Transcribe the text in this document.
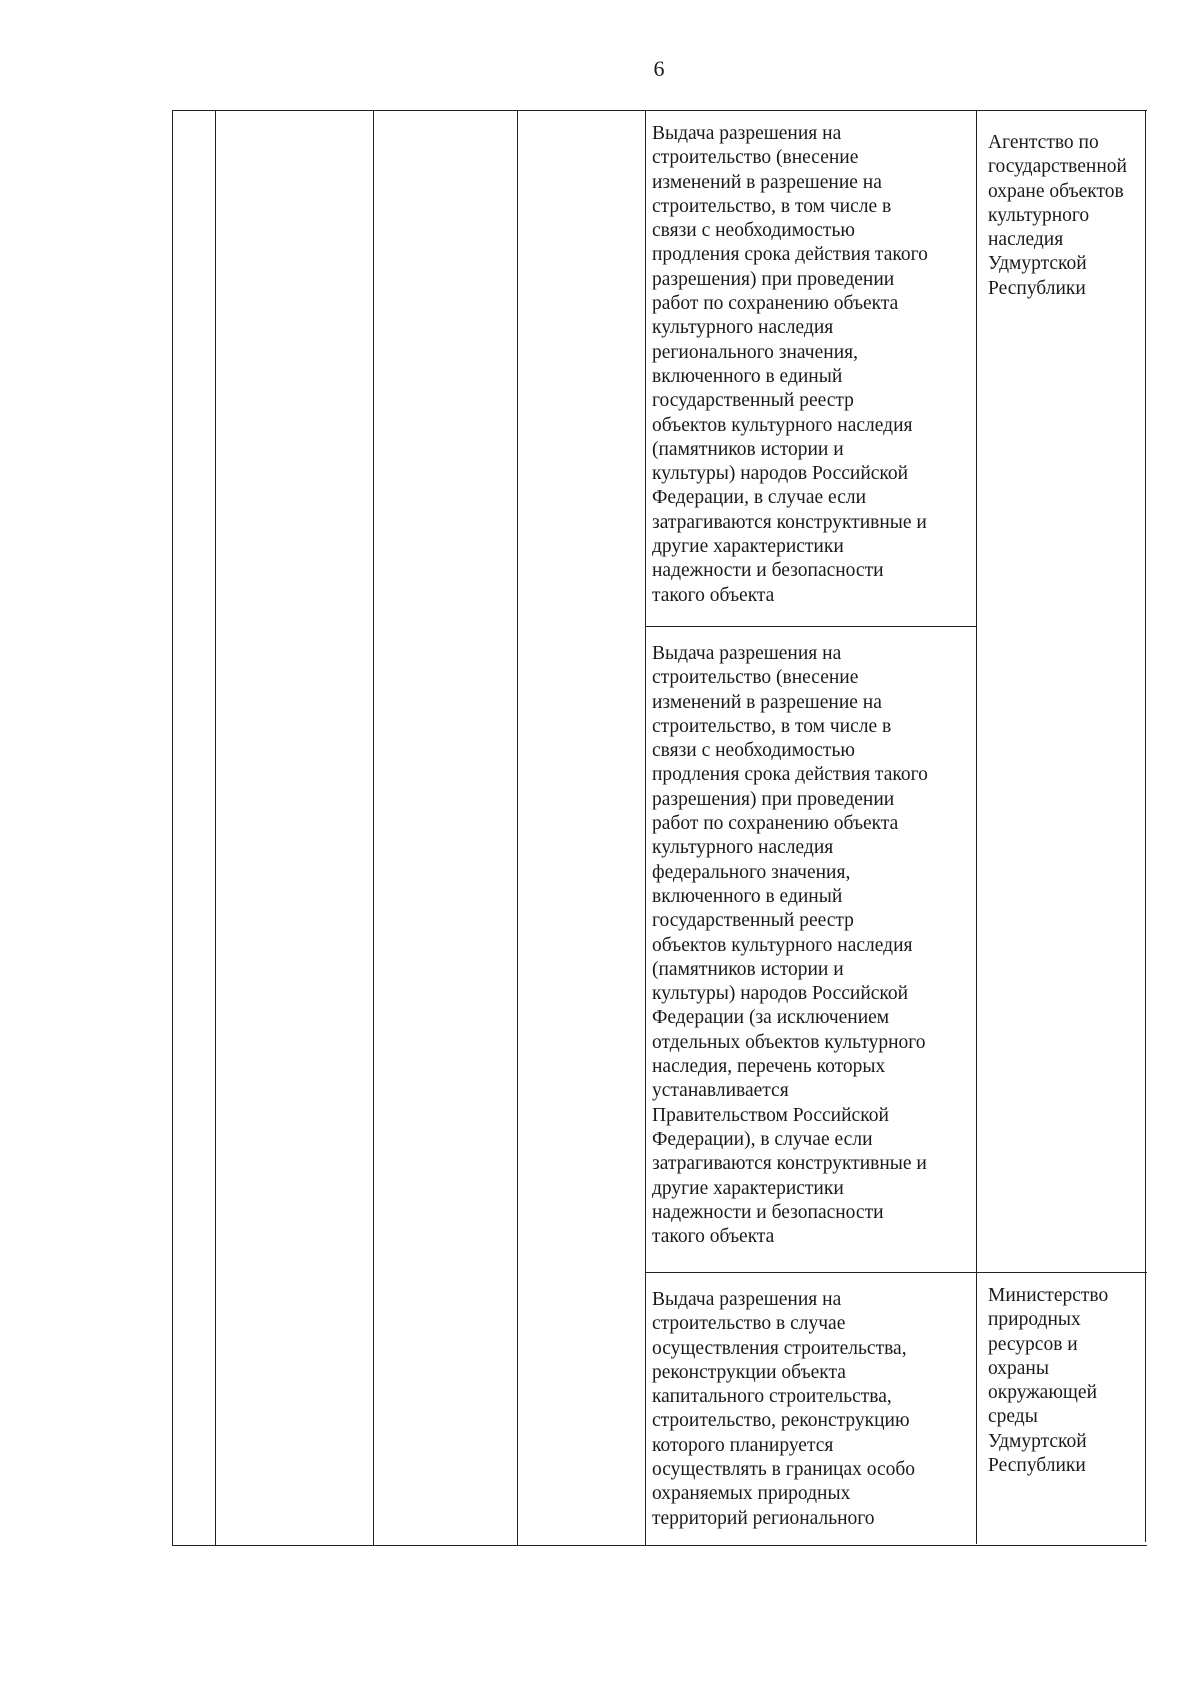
6
Выдача разрешения на
строительство (внесение
изменений в разрешение на
строительство, в том числе в
связи с необходимостью
продления срока действия такого
разрешения) при проведении
работ по сохранению объекта
культурного наследия
регионального значения,
включенного в единый
государственный реестр
объектов культурного наследия
(памятников истории и
культуры) народов Российской
Федерации, в случае если
затрагиваются конструктивные и
другие характеристики
надежности и безопасности
такого объекта
Агентство по
государственной
охране объектов
культурного
наследия
Удмуртской
Республики
Выдача разрешения на
строительство (внесение
изменений в разрешение на
строительство, в том числе в
связи с необходимостью
продления срока действия такого
разрешения) при проведении
работ по сохранению объекта
культурного наследия
федерального значения,
включенного в единый
государственный реестр
объектов культурного наследия
(памятников истории и
культуры) народов Российской
Федерации (за исключением
отдельных объектов культурного
наследия, перечень которых
устанавливается
Правительством Российской
Федерации), в случае если
затрагиваются конструктивные и
другие характеристики
надежности и безопасности
такого объекта
Выдача разрешения на
строительство в случае
осуществления строительства,
реконструкции объекта
капитального строительства,
строительство, реконструкцию
которого планируется
осуществлять в границах особо
охраняемых природных
территорий регионального
Министерство
природных
ресурсов и
охраны
окружающей
среды
Удмуртской
Республики
